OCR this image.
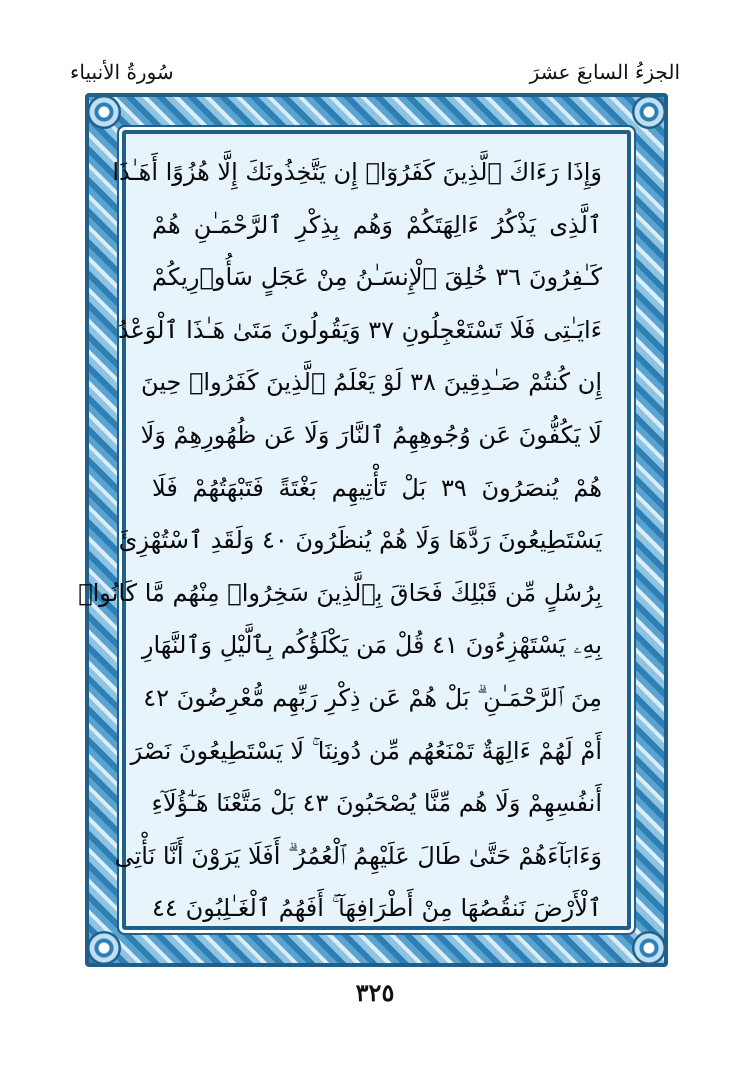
الجزءُ السابعَ عشرَ
سُورةُ الأنبياء
وَإِذَا رَءَاكَ ٱلَّذِينَ كَفَرُوٓا۟ إِن يَتَّخِذُونَكَ إِلَّا هُزُوًا أَهَـٰذَا
ٱلَّذِى يَذْكُرُ ءَالِهَتَكُمْ وَهُم بِذِكْرِ ٱلرَّحْمَـٰنِ هُمْ
كَـٰفِرُونَ ٣٦ خُلِقَ ٱلْإِنسَـٰنُ مِنْ عَجَلٍ سَأُو۟رِيكُمْ
ءَايَـٰتِى فَلَا تَسْتَعْجِلُونِ ٣٧ وَيَقُولُونَ مَتَىٰ هَـٰذَا ٱلْوَعْدُ
إِن كُنتُمْ صَـٰدِقِينَ ٣٨ لَوْ يَعْلَمُ ٱلَّذِينَ كَفَرُوا۟ حِينَ
لَا يَكُفُّونَ عَن وُجُوهِهِمُ ٱلنَّارَ وَلَا عَن ظُهُورِهِمْ وَلَا
هُمْ يُنصَرُونَ ٣٩ بَلْ تَأْتِيهِم بَغْتَةً فَتَبْهَتُهُمْ فَلَا
يَسْتَطِيعُونَ رَدَّهَا وَلَا هُمْ يُنظَرُونَ ٤٠ وَلَقَدِ ٱسْتُهْزِئَ
بِرُسُلٍ مِّن قَبْلِكَ فَحَاقَ بِٱلَّذِينَ سَخِرُوا۟ مِنْهُم مَّا كَانُوا۟
بِهِۦ يَسْتَهْزِءُونَ ٤١ قُلْ مَن يَكْلَؤُكُم بِٱلَّيْلِ وَٱلنَّهَارِ
مِنَ ٱلرَّحْمَـٰنِ ۗ بَلْ هُمْ عَن ذِكْرِ رَبِّهِم مُّعْرِضُونَ ٤٢
أَمْ لَهُمْ ءَالِهَةٌ تَمْنَعُهُم مِّن دُونِنَا ۚ لَا يَسْتَطِيعُونَ نَصْرَ
أَنفُسِهِمْ وَلَا هُم مِّنَّا يُصْحَبُونَ ٤٣ بَلْ مَتَّعْنَا هَـٰٓؤُلَآءِ
وَءَابَآءَهُمْ حَتَّىٰ طَالَ عَلَيْهِمُ ٱلْعُمُرُ ۗ أَفَلَا يَرَوْنَ أَنَّا نَأْتِى
ٱلْأَرْضَ نَنقُصُهَا مِنْ أَطْرَافِهَآ ۚ أَفَهُمُ ٱلْغَـٰلِبُونَ ٤٤
٣٢٥
